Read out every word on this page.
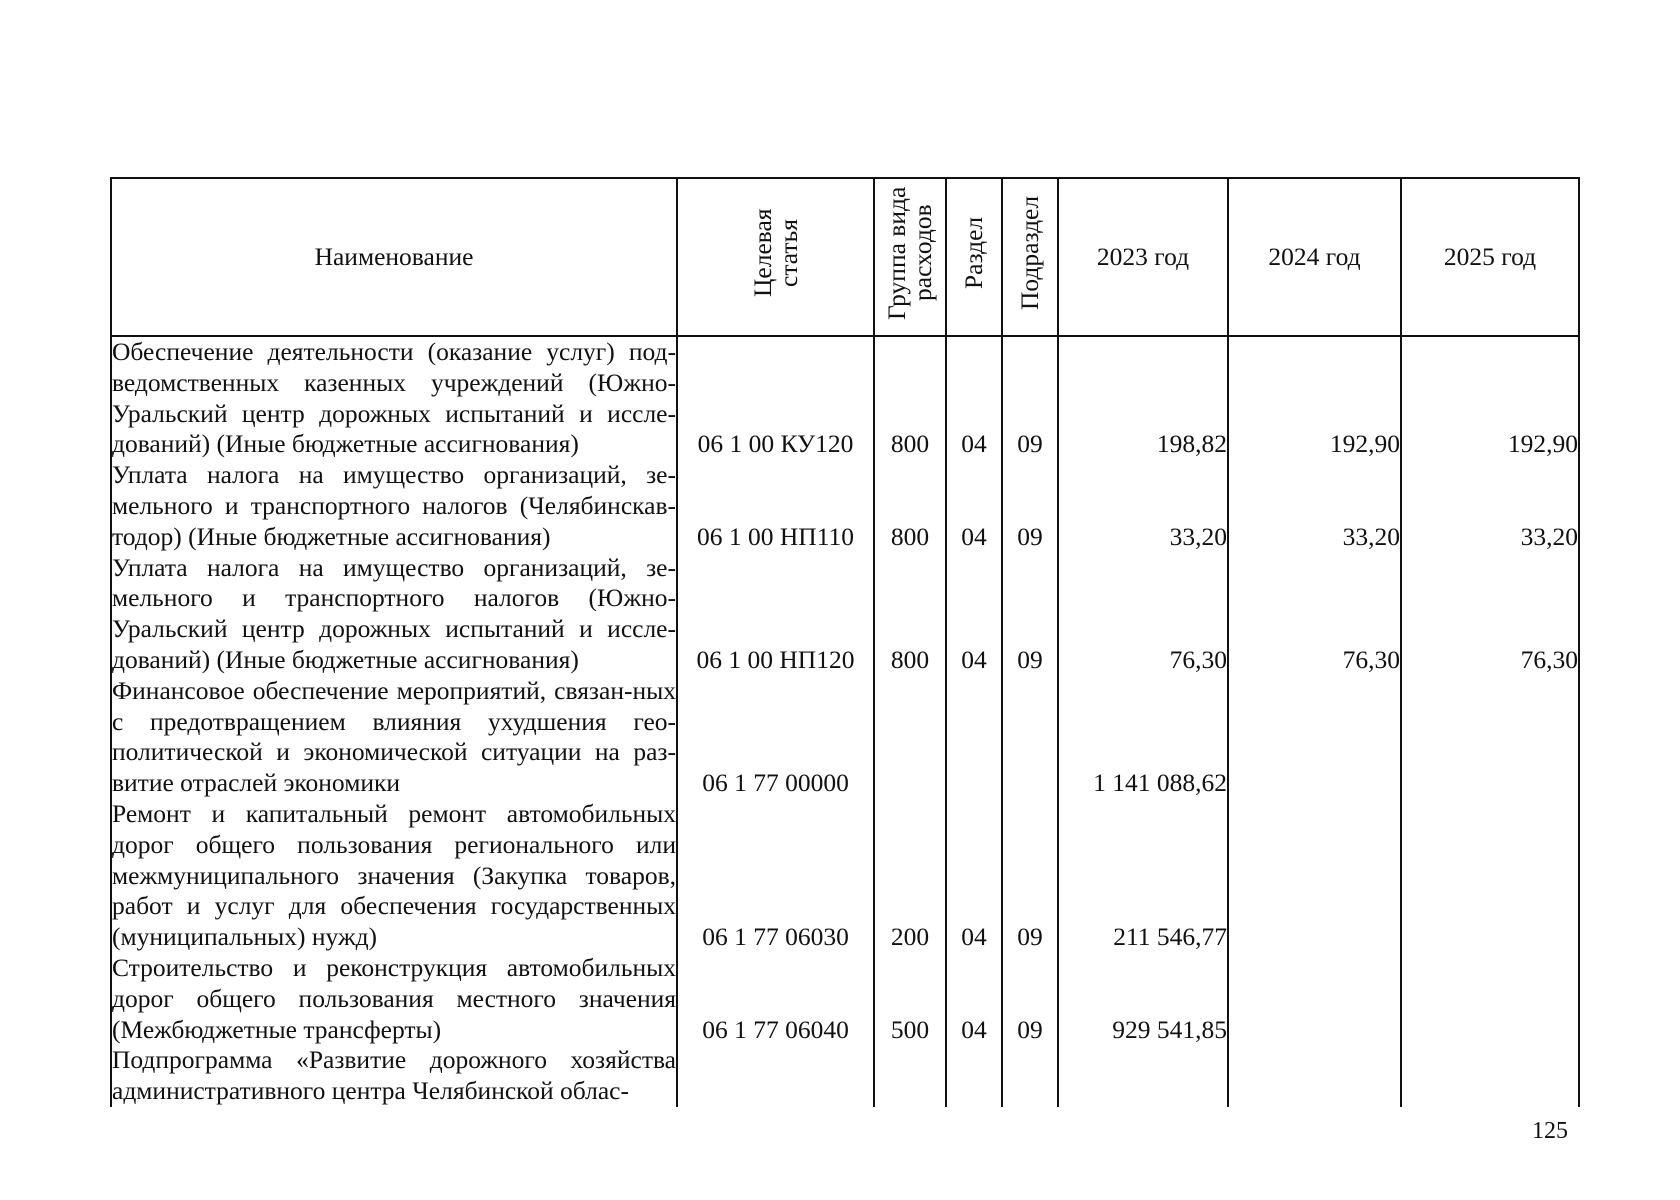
Наименование	Целевая статья	Группа вида расходов	Раздел	Подраздел	2023 год	2024 год	2025 год
Обеспечение деятельности (оказание услуг) под-ведомственных казенных учреждений (Южно-Уральский центр дорожных испытаний и иссле-дований) (Иные бюджетные ассигнования)	06 1 00 КУ120	800	04	09	198,82	192,90	192,90
Уплата налога на имущество организаций, зе-мельного и транспортного налогов (Челябинскав-тодор) (Иные бюджетные ассигнования)	06 1 00 НП110	800	04	09	33,20	33,20	33,20
Уплата налога на имущество организаций, зе-мельного и транспортного налогов (Южно-Уральский центр дорожных испытаний и иссле-дований) (Иные бюджетные ассигнования)	06 1 00 НП120	800	04	09	76,30	76,30	76,30
Финансовое обеспечение мероприятий, связан-ных с предотвращением влияния ухудшения гео-политической и экономической ситуации на раз-витие отраслей экономики	06 1 77 00000				1 141 088,62		
Ремонт и капитальный ремонт автомобильных дорог общего пользования регионального или межмуниципального значения (Закупка товаров, работ и услуг для обеспечения государственных (муниципальных) нужд)	06 1 77 06030	200	04	09	211 546,77		
Строительство и реконструкция автомобильных дорог общего пользования местного значения (Межбюджетные трансферты)	06 1 77 06040	500	04	09	929 541,85		
Подпрограмма «Развитие дорожного хозяйства административного центра Челябинской облас-							
125
